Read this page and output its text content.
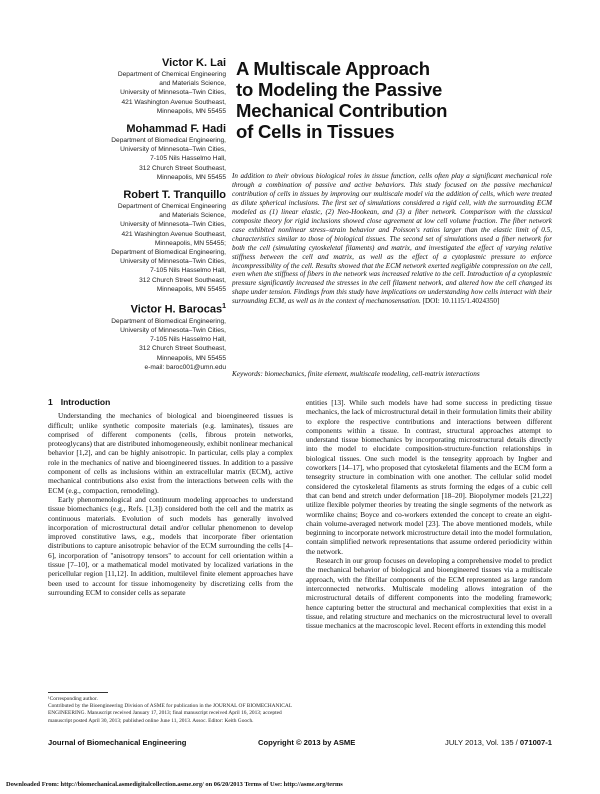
Victor K. Lai
Department of Chemical Engineering
and Materials Science,
University of Minnesota–Twin Cities,
421 Washington Avenue Southeast,
Minneapolis, MN 55455
Mohammad F. Hadi
Department of Biomedical Engineering,
University of Minnesota–Twin Cities,
7-105 Nils Hasselmo Hall,
312 Church Street Southeast,
Minneapolis, MN 55455
Robert T. Tranquillo
Department of Chemical Engineering
and Materials Science,
University of Minnesota–Twin Cities,
421 Washington Avenue Southeast,
Minneapolis, MN 55455;
Department of Biomedical Engineering,
University of Minnesota–Twin Cities,
7-105 Nils Hasselmo Hall,
312 Church Street Southeast,
Minneapolis, MN 55455
Victor H. Barocas$^1$
Department of Biomedical Engineering,
University of Minnesota–Twin Cities,
7-105 Nils Hasselmo Hall,
312 Church Street Southeast,
Minneapolis, MN 55455
e-mail: baroc001@umn.edu
A Multiscale Approach
to Modeling the Passive
Mechanical Contribution
of Cells in Tissues
In addition to their obvious biological roles in tissue function, cells often play a significant mechanical role through a combination of passive and active behaviors. This study focused on the passive mechanical contribution of cells in tissues by improving our multiscale model via the addition of cells, which were treated as dilute spherical inclusions. The first set of simulations considered a rigid cell, with the surrounding ECM modeled as (1) linear elastic, (2) Neo-Hookean, and (3) a fiber network. Comparison with the classical composite theory for rigid inclusions showed close agreement at low cell volume fraction. The fiber network case exhibited nonlinear stress–strain behavior and Poisson's ratios larger than the elastic limit of 0.5, characteristics similar to those of biological tissues. The second set of simulations used a fiber network for both the cell (simulating cytoskeletal filaments) and matrix, and investigated the effect of varying relative stiffness between the cell and matrix, as well as the effect of a cytoplasmic pressure to enforce incompressibility of the cell. Results showed that the ECM network exerted negligible compression on the cell, even when the stiffness of fibers in the network was increased relative to the cell. Introduction of a cytoplasmic pressure significantly increased the stresses in the cell filament network, and altered how the cell changed its shape under tension. Findings from this study have implications on understanding how cells interact with their surrounding ECM, as well as in the context of mechanosensation. [DOI: 10.1115/1.4024350]
Keywords: biomechanics, finite element, multiscale modeling, cell-matrix interactions
1 Introduction

Understanding the mechanics of biological and bioengineered tissues is difficult; unlike synthetic composite materials (e.g. laminates), tissues are comprised of different components (cells, fibrous protein networks, proteoglycans) that are distributed inhomogeneously, exhibit nonlinear mechanical behavior [1,2], and can be highly anisotropic. In particular, cells play a complex role in the mechanics of native and bioengineered tissues. In addition to a passive component of cells as inclusions within an extracellular matrix (ECM), active mechanical contributions also exist from the interactions between cells with the ECM (e.g., compaction, remodeling).

Early phenomenological and continuum modeling approaches to understand tissue biomechanics (e.g., Refs. [1,3]) considered both the cell and the matrix as continuous materials. Evolution of such models has generally involved incorporation of microstructural detail and/or cellular phenomenon to develop improved constitutive laws, e.g., models that incorporate fiber orientation distributions to capture anisotropic behavior of the ECM surrounding the cells [4–6], incorporation of "anisotropy tensors" to account for cell orientation within a tissue [7–10], or a mathematical model motivated by localized variations in the pericellular region [11,12]. In addition, multilevel finite element approaches have been used to account for tissue inhomogeneity by discretizing cells from the surrounding ECM to consider cells as separate

entities [13]. While such models have had some success in predicting tissue mechanics, the lack of microstructural detail in their formulation limits their ability to explore the respective contributions and interactions between different components within a tissue. In contrast, structural approaches attempt to understand tissue biomechanics by incorporating microstructural details directly into the model to elucidate composition-structure-function relationships in biological tissues. One such model is the tensegrity approach by Ingber and coworkers [14–17], who proposed that cytoskeletal filaments and the ECM form a tensegrity structure in combination with one another. The cellular solid model considered the cytoskeletal filaments as struts forming the edges of a cubic cell that can bend and stretch under deformation [18–20]. Biopolymer models [21,22] utilize flexible polymer theories by treating the single segments of the network as wormlike chains; Boyce and co-workers extended the concept to create an eight-chain volume-averaged network model [23]. The above mentioned models, while beginning to incorporate network microstructure detail into the model formulation, contain simplified network representations that assume ordered periodicity within the network.

Research in our group focuses on developing a comprehensive model to predict the mechanical behavior of biological and bioengineered tissues via a multiscale approach, with the fibrillar components of the ECM represented as large random interconnected networks. Multiscale modeling allows integration of the microstructural details of different components into the modeling framework; hence capturing better the structural and mechanical complexities that exist in a tissue, and relating structure and mechanics on the microstructural level to overall tissue mechanics at the macroscopic level. Recent efforts in extending this model

¹Corresponding author.
Contributed by the Bioengineering Division of ASME for publication in the JOURNAL OF BIOMECHANICAL ENGINEERING. Manuscript received January 17, 2013; final manuscript received April 16, 2013; accepted manuscript posted April 30, 2013; published online June 11, 2013. Assoc. Editor: Keith Gooch.
Journal of Biomechanical Engineering	Copyright © 2013 by ASME	JULY 2013, Vol. 135 / 071007-1
Downloaded From: http://biomechanical.asmedigitalcollection.asme.org/ on 06/20/2013 Terms of Use: http://asme.org/terms
